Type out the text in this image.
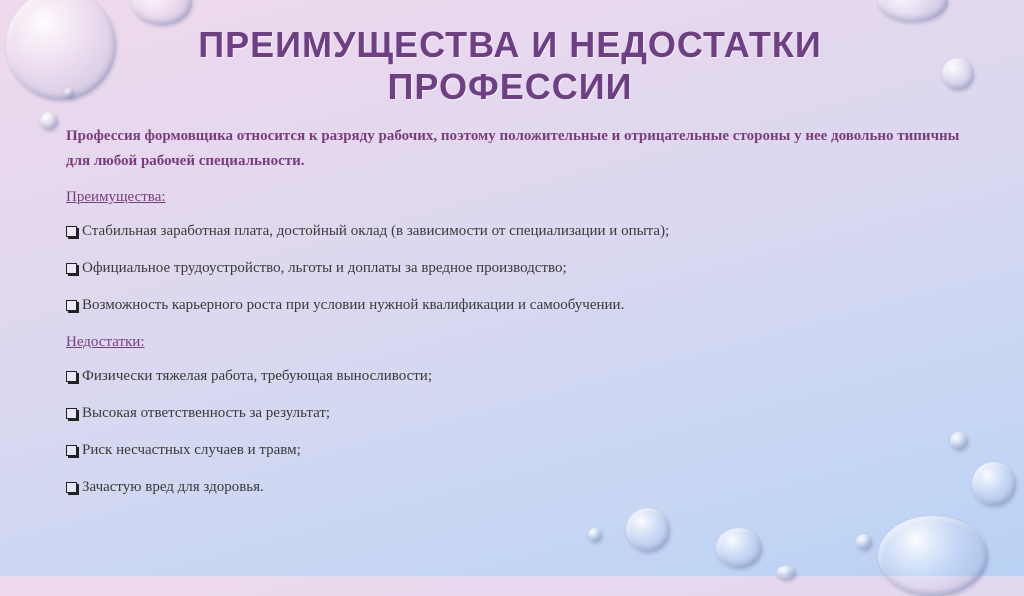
ПРЕИМУЩЕСТВА И НЕДОСТАТКИ
ПРОФЕССИИ

Профессия формовщика относится к разряду рабочих, поэтому положительные и отрицательные стороны у нее довольно типичны для любой рабочей специальности.

Преимущества:

Стабильная заработная плата, достойный оклад (в зависимости от специализации и опыта);
Официальное трудоустройство, льготы и доплаты за вредное производство;
Возможность карьерного роста при условии нужной квалификации и самообучении.

Недостатки:

Физически тяжелая работа, требующая выносливости;
Высокая ответственность за результат;
Риск несчастных случаев и травм;
Зачастую вред для здоровья.
